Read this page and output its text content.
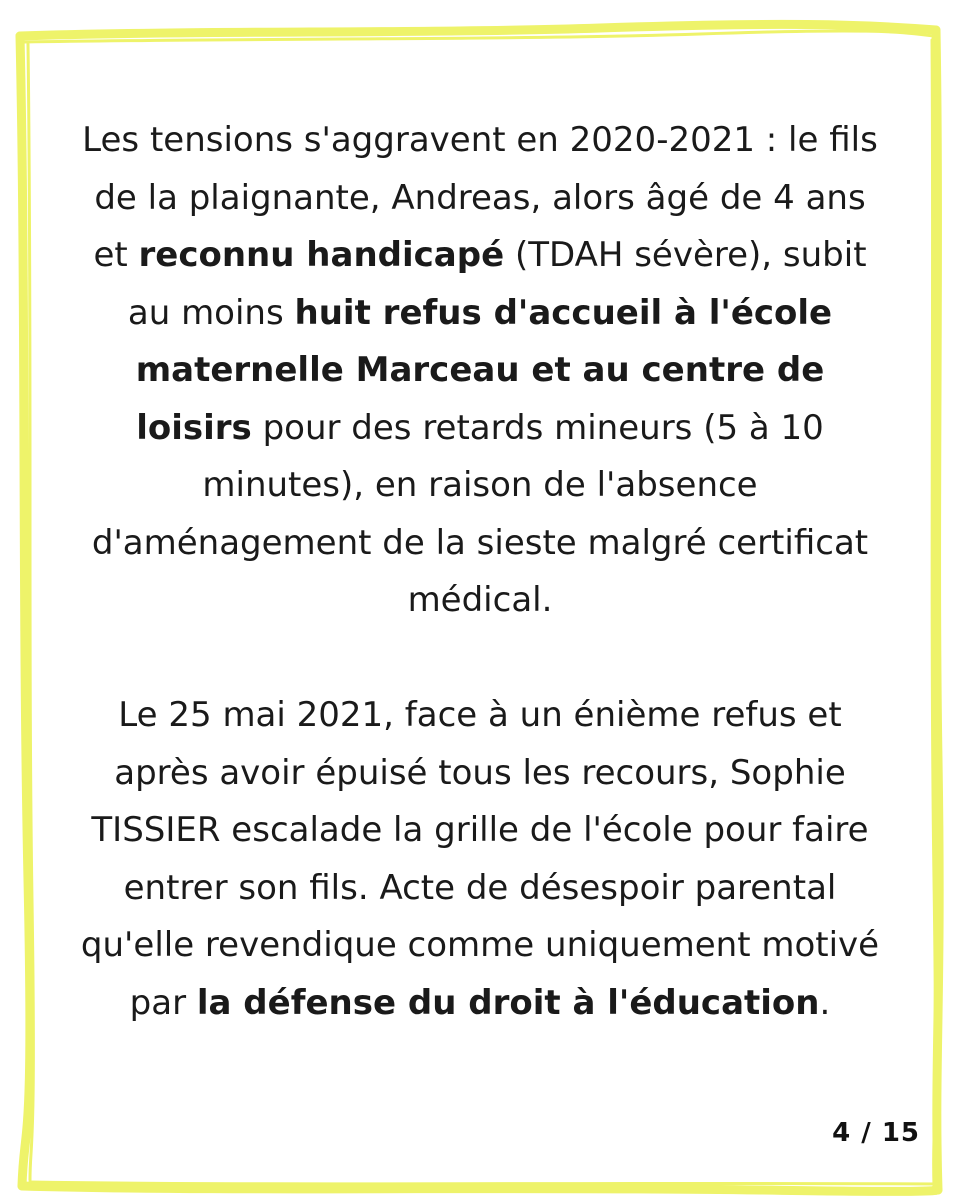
Les tensions s'aggravent en 2020-2021 : le fils de la plaignante, Andreas, alors âgé de 4 ans et reconnu handicapé (TDAH sévère), subit au moins huit refus d'accueil à l'école maternelle Marceau et au centre de loisirs pour des retards mineurs (5 à 10 minutes), en raison de l'absence d'aménagement de la sieste malgré certificat médical.

Le 25 mai 2021, face à un énième refus et après avoir épuisé tous les recours, Sophie TISSIER escalade la grille de l'école pour faire entrer son fils. Acte de désespoir parental qu'elle revendique comme uniquement motivé par la défense du droit à l'éducation.

4 / 15
